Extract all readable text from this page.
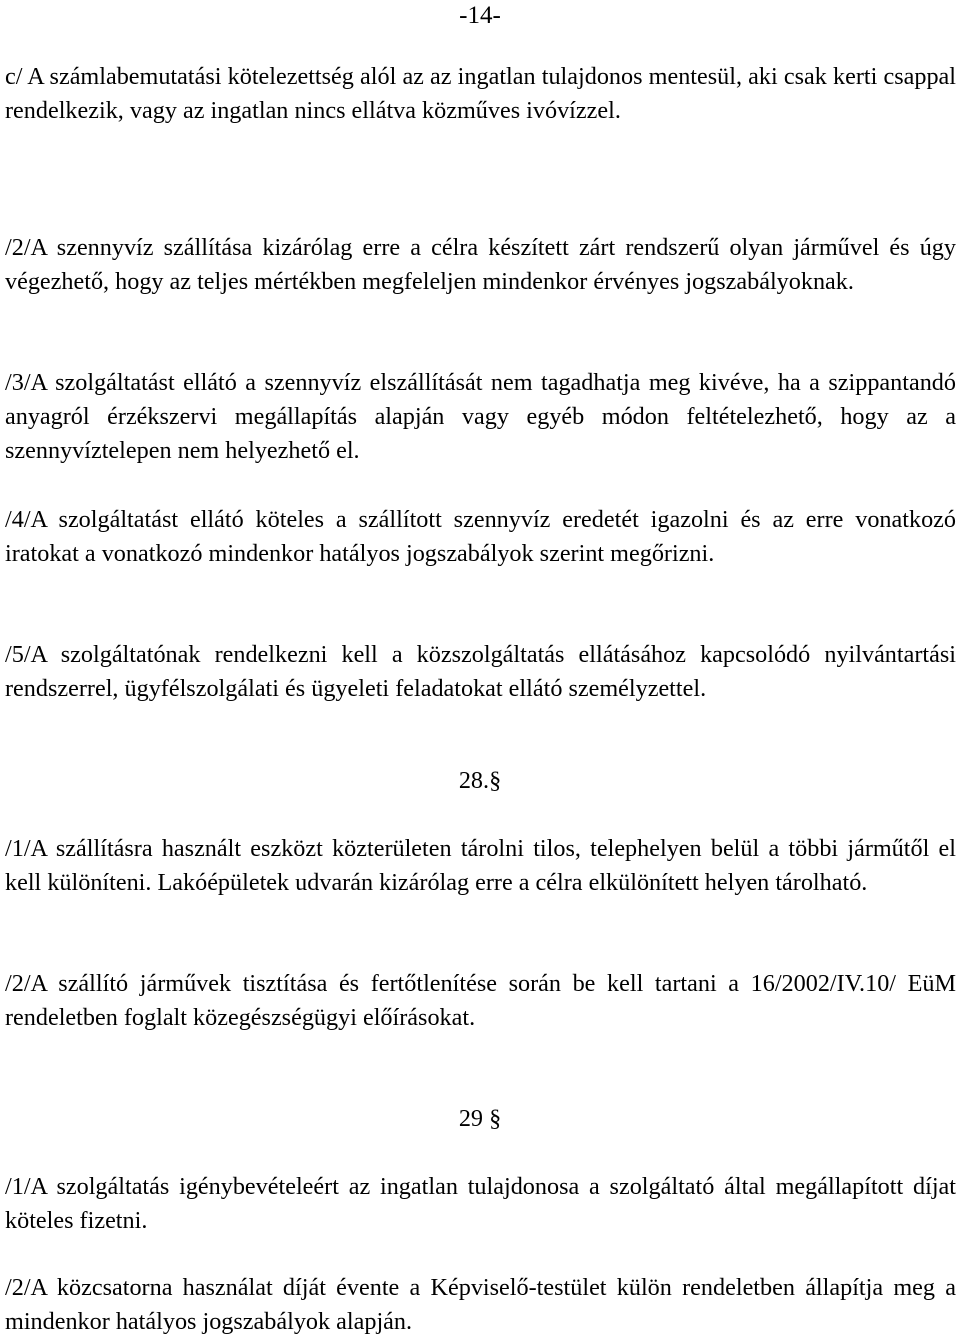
-14-

c/ A számlabemutatási kötelezettség alól az az ingatlan tulajdonos mentesül, aki csak kerti csappal rendelkezik, vagy az ingatlan nincs ellátva közműves ivóvízzel.

/2/A szennyvíz szállítása kizárólag erre a célra készített zárt rendszerű olyan járművel és úgy végezhető, hogy az teljes mértékben megfeleljen mindenkor érvényes jogszabályoknak.

/3/A szolgáltatást ellátó a szennyvíz elszállítását nem tagadhatja meg kivéve, ha a szippantandó anyagról érzékszervi megállapítás alapján vagy egyéb módon feltételezhető, hogy az a szennyvíztelepen nem helyezhető el.

/4/A szolgáltatást ellátó köteles a szállított szennyvíz eredetét igazolni és az erre vonatkozó iratokat a vonatkozó mindenkor hatályos jogszabályok szerint megőrizni.

/5/A szolgáltatónak rendelkezni kell a közszolgáltatás ellátásához kapcsolódó nyilvántartási rendszerrel, ügyfélszolgálati és ügyeleti feladatokat ellátó személyzettel.

28.§

/1/A szállításra használt eszközt közterületen tárolni tilos, telephelyen belül a többi járműtől el kell különíteni. Lakóépületek udvarán kizárólag erre a célra elkülönített helyen tárolható.

/2/A szállító járművek tisztítása és fertőtlenítése során be kell tartani a 16/2002/IV.10/ EüM rendeletben foglalt közegészségügyi előírásokat.

29 §

/1/A szolgáltatás igénybevételeért az ingatlan tulajdonosa a szolgáltató által megállapított díjat köteles fizetni.

/2/A közcsatorna használat díját évente a Képviselő-testület külön rendeletben állapítja meg a mindenkor hatályos jogszabályok alapján.
